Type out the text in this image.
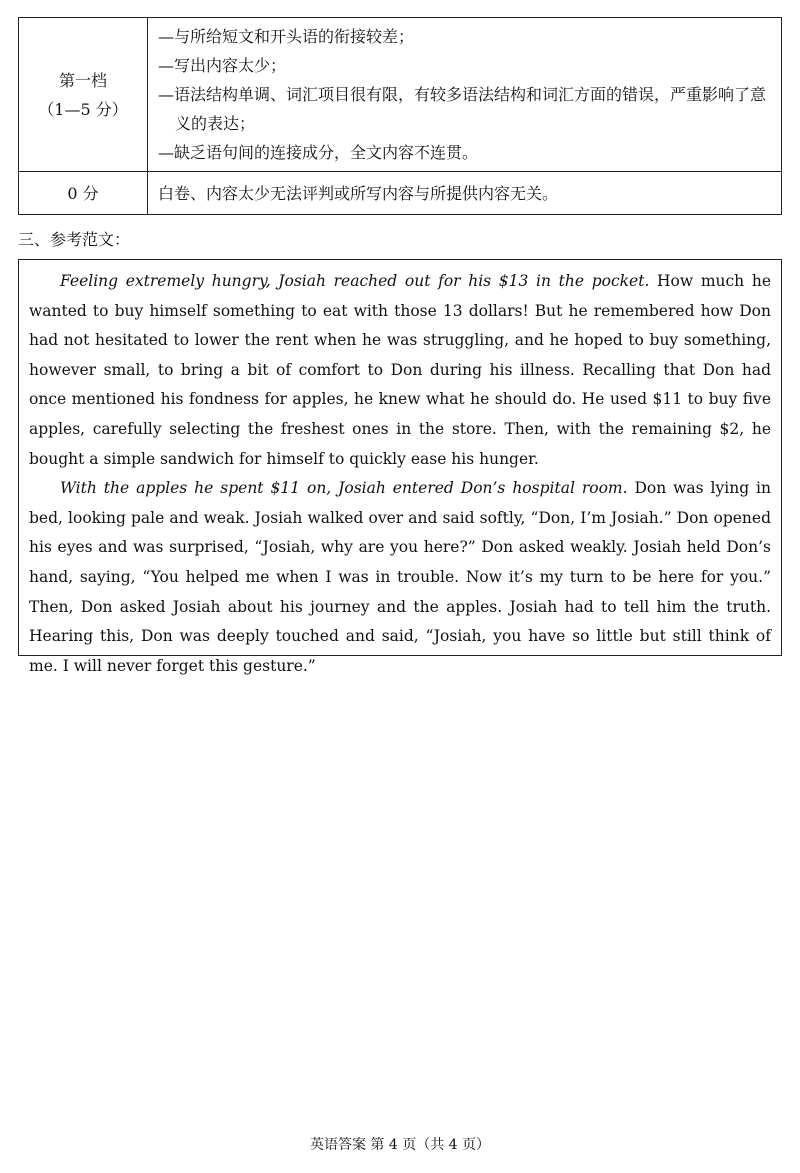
第一档
（1—5 分）	—与所给短文和开头语的衔接较差；
—写出内容太少；
—语法结构单调、词汇项目很有限，有较多语法结构和词汇方面的错误，严重影响了意义的表达；
—缺乏语句间的连接成分，全文内容不连贯。

0 分	白卷、内容太少无法评判或所写内容与所提供内容无关。
三、参考范文：

Feeling extremely hungry, Josiah reached out for his $13 in the pocket. How much he wanted to buy himself something to eat with those 13 dollars! But he remembered how Don had not hesitated to lower the rent when he was struggling, and he hoped to buy something, however small, to bring a bit of comfort to Don during his illness. Recalling that Don had once mentioned his fondness for apples, he knew what he should do. He used $11 to buy five apples, carefully selecting the freshest ones in the store. Then, with the remaining $2, he bought a simple sandwich for himself to quickly ease his hunger.

With the apples he spent $11 on, Josiah entered Don’s hospital room. Don was lying in bed, looking pale and weak. Josiah walked over and said softly, “Don, I’m Josiah.” Don opened his eyes and was surprised, “Josiah, why are you here?” Don asked weakly. Josiah held Don’s hand, saying, “You helped me when I was in trouble. Now it’s my turn to be here for you.” Then, Don asked Josiah about his journey and the apples. Josiah had to tell him the truth. Hearing this, Don was deeply touched and said, “Josiah, you have so little but still think of me. I will never forget this gesture.”

英语答案 第 4 页（共 4 页）
